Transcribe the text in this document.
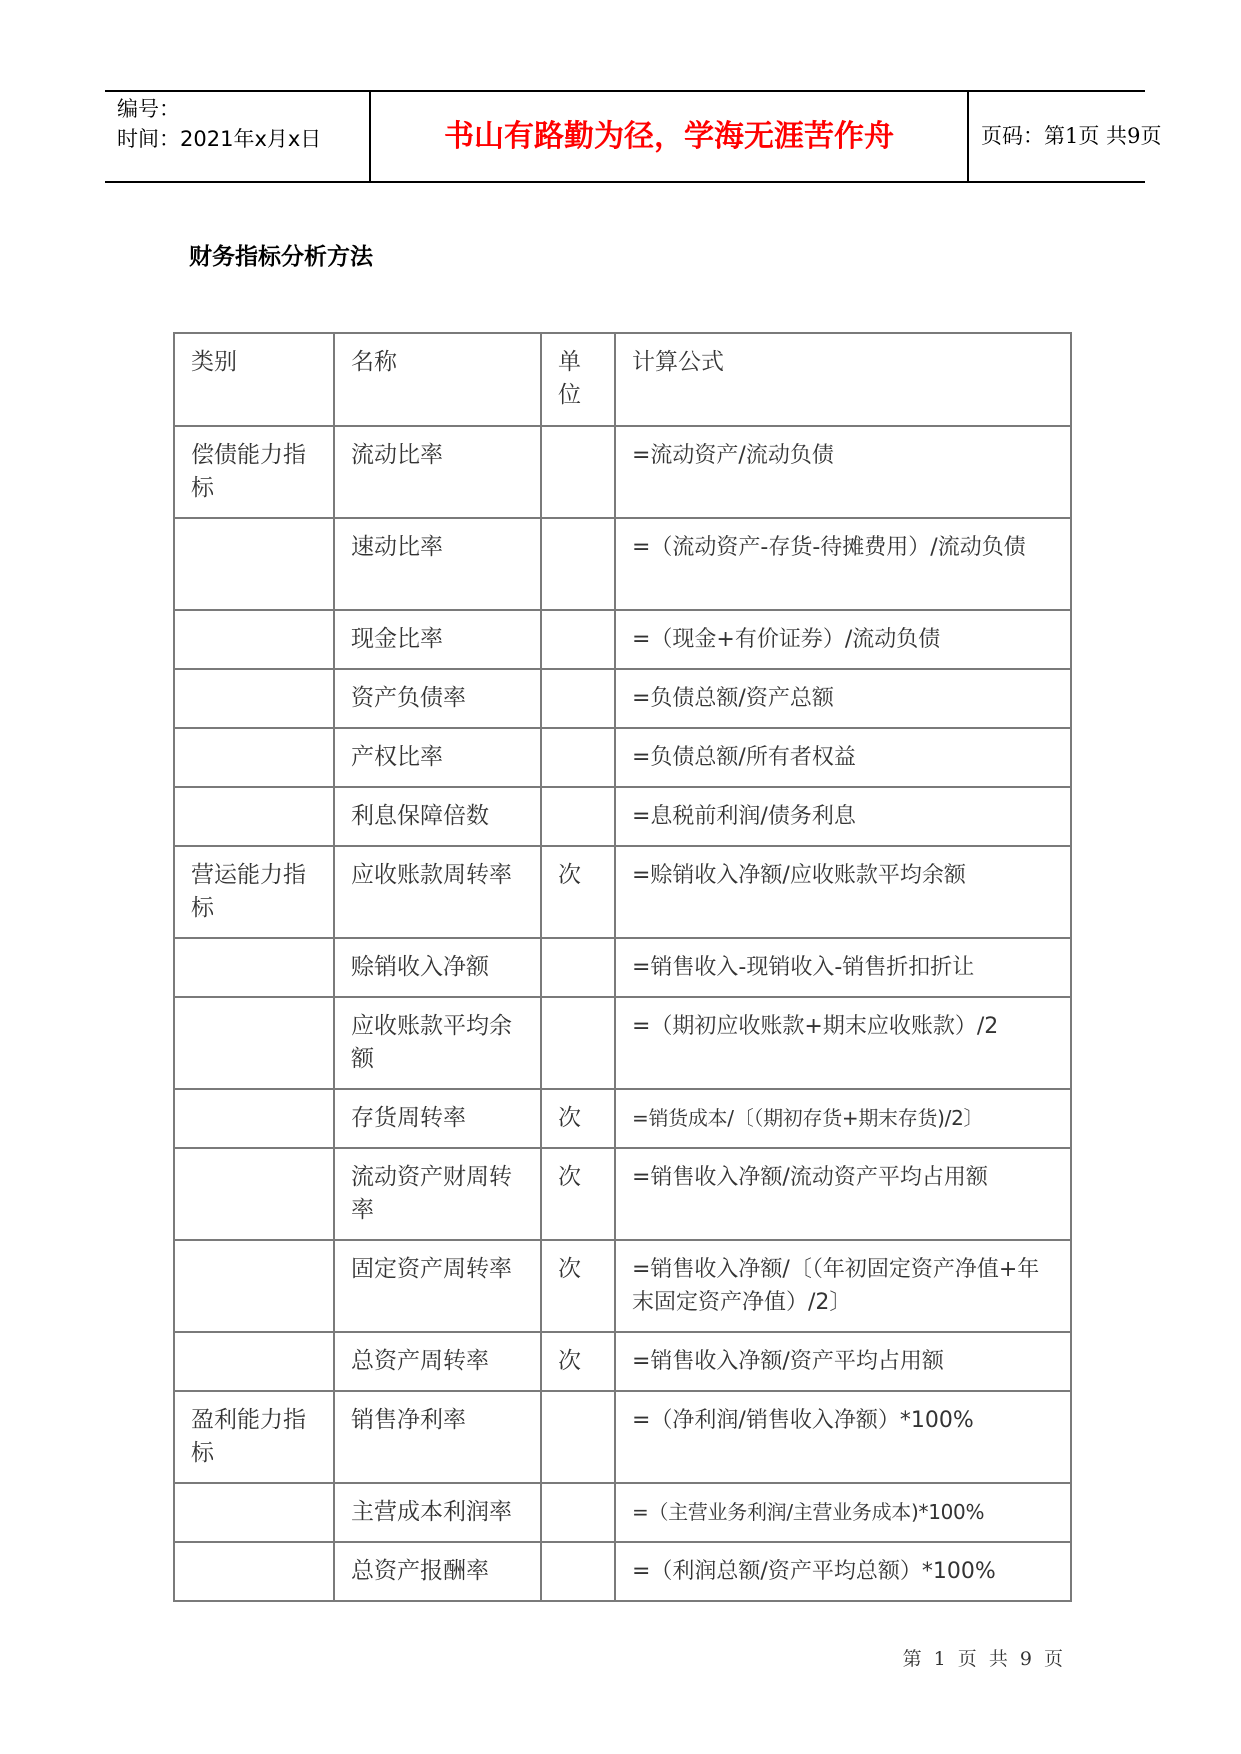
编号：
时间：2021年x月x日	书山有路勤为径，学海无涯苦作舟	页码：第1页 共9页
财务指标分析方法
类别	名称	单位	计算公式
偿债能力指标	流动比率		=流动资产/流动负债
	速动比率		=（流动资产-存货-待摊费用）/流动负债
	现金比率		=（现金+有价证券）/流动负债
	资产负债率		=负债总额/资产总额
	产权比率		=负债总额/所有者权益
	利息保障倍数		=息税前利润/债务利息
营运能力指标	应收账款周转率	次	=赊销收入净额/应收账款平均余额
	赊销收入净额		=销售收入-现销收入-销售折扣折让
	应收账款平均余额		=（期初应收账款+期末应收账款）/2
	存货周转率	次	=销货成本/〔（期初存货+期末存货)/2〕
	流动资产财周转率	次	=销售收入净额/流动资产平均占用额
	固定资产周转率	次	=销售收入净额/〔（年初固定资产净值+年末固定资产净值）/2〕
	总资产周转率	次	=销售收入净额/资产平均占用额
盈利能力指标	销售净利率		=（净利润/销售收入净额）*100%
	主营成本利润率		=（主营业务利润/主营业务成本)*100%
	总资产报酬率		=（利润总额/资产平均总额）*100%
第 1 页 共 9 页
